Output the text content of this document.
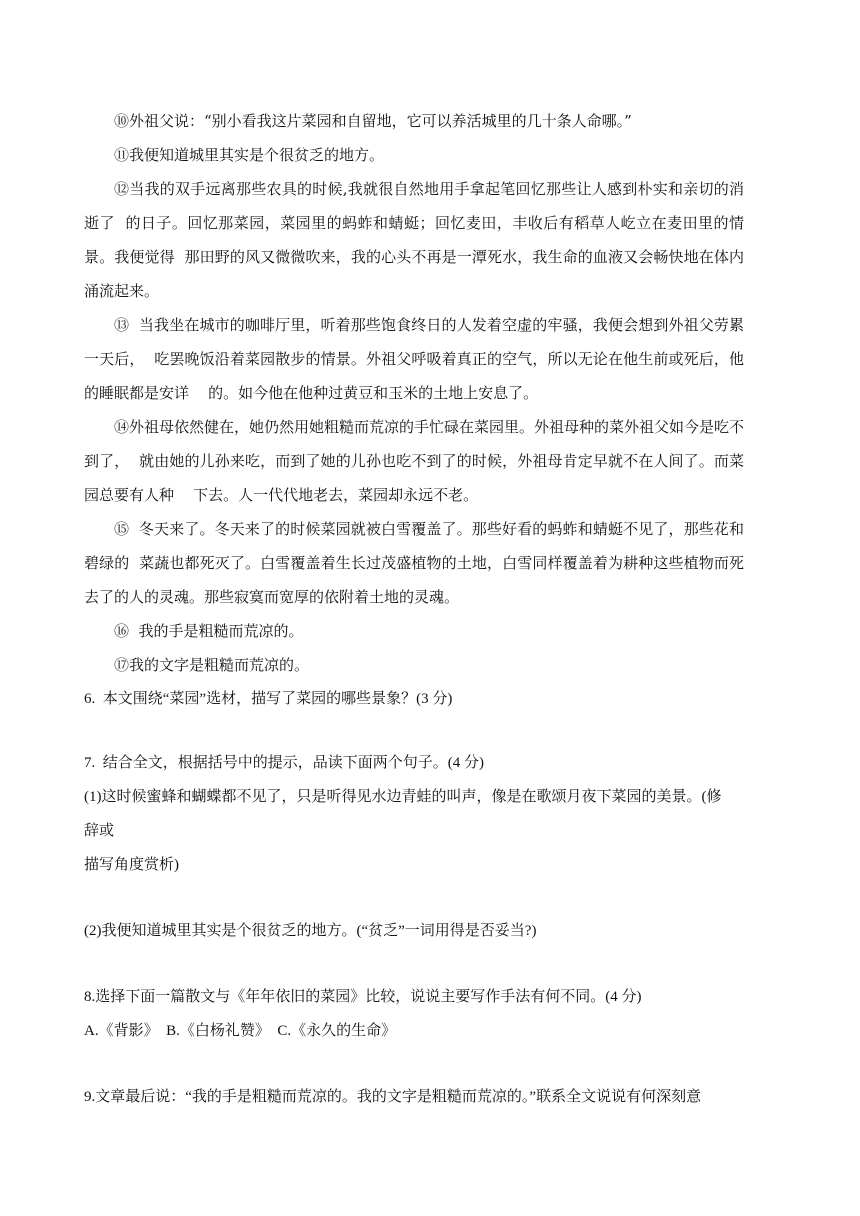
⑩外祖父说：“别小看我这片菜园和自留地，它可以养活城里的几十条人命哪。”

⑪我便知道城里其实是个很贫乏的地方。

⑫当我的双手远离那些农具的时候,我就很自然地用手拿起笔回忆那些让人感到朴实和亲切的消逝了  的日子。回忆那菜园，菜园里的蚂蚱和蜻蜓；回忆麦田，丰收后有稻草人屹立在麦田里的情景。我便觉得  那田野的风又微微吹来，我的心头不再是一潭死水，我生命的血液又会畅快地在体内涌流起来。

⑬  当我坐在城市的咖啡厅里，听着那些饱食终日的人发着空虚的牢骚，我便会想到外祖父劳累一天后，  吃罢晚饭沿着菜园散步的情景。外祖父呼吸着真正的空气，所以无论在他生前或死后，他的睡眠都是安详    的。如今他在他种过黄豆和玉米的土地上安息了。

⑭外祖母依然健在，她仍然用她粗糙而荒凉的手忙碌在菜园里。外祖母种的菜外祖父如今是吃不到了，  就由她的儿孙来吃，而到了她的儿孙也吃不到了的时候，外祖母肯定早就不在人间了。而菜园总要有人种    下去。人一代代地老去，菜园却永远不老。

⑮  冬天来了。冬天来了的时候菜园就被白雪覆盖了。那些好看的蚂蚱和蜻蜓不见了，那些花和碧绿的  菜蔬也都死灭了。白雪覆盖着生长过茂盛植物的土地，白雪同样覆盖着为耕种这些植物而死去了的人的灵魂。那些寂寞而宽厚的依附着土地的灵魂。

⑯  我的手是粗糙而荒凉的。

⑰我的文字是粗糙而荒凉的。

6.  本文围绕“菜园”选材，描写了菜园的哪些景象？(3 分)

7.  结合全文，根据括号中的提示，品读下面两个句子。(4 分)

(1)这时候蜜蜂和蝴蝶都不见了，只是听得见水边青蛙的叫声，像是在歌颂月夜下菜园的美景。(修

辞或

描写角度赏析)

(2)我便知道城里其实是个很贫乏的地方。(“贫乏”一词用得是否妥当?)

8.选择下面一篇散文与《年年依旧的菜园》比较，说说主要写作手法有何不同。(4 分)

A.《背影》  B.《白杨礼赞》  C.《永久的生命》

9.文章最后说：“我的手是粗糙而荒凉的。我的文字是粗糙而荒凉的。”联系全文说说有何深刻意
